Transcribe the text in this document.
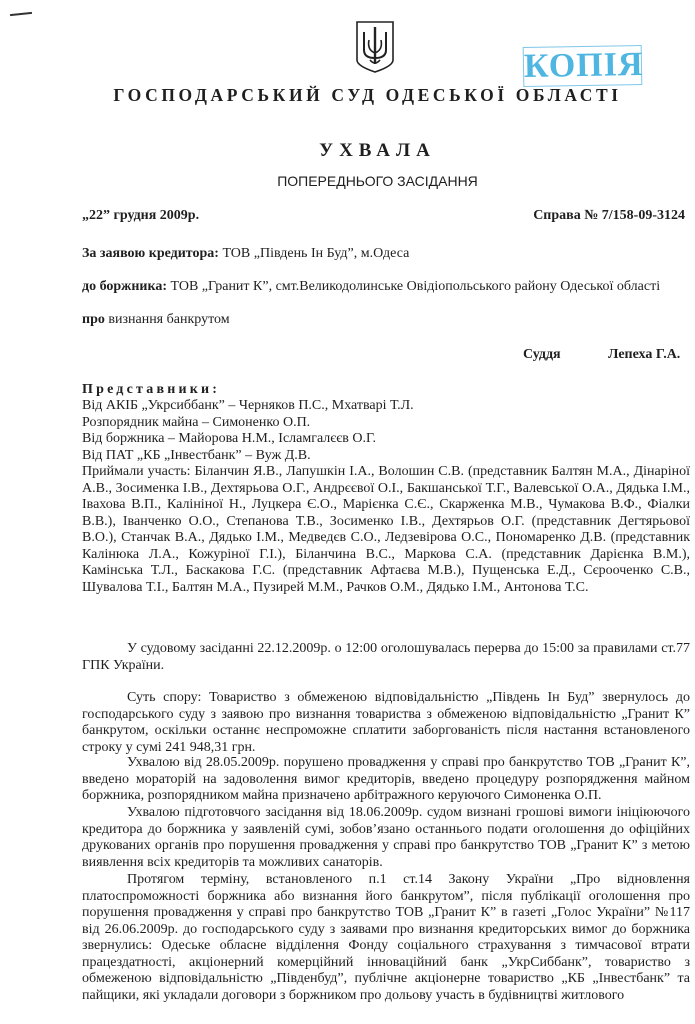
КОПІЯ
ГОСПОДАРСЬКИЙ СУД ОДЕСЬКОЇ ОБЛАСТІ
УХВАЛА
ПОПЕРЕДНЬОГО ЗАСІДАННЯ
„22” грудня 2009р.	Справа № 7/158-09-3124
За заявою кредитора: ТОВ „Південь Ін Буд”, м.Одеса
до боржника: ТОВ „Гранит К”, смт.Великодолинське Овідіопольського району Одеської області
про визнання банкрутом
Суддя	Лепеха Г.А.
Представники:
Від АКІБ „Укрсиббанк” – Черняков П.С., Мхатварі Т.Л.
Розпорядник майна – Симоненко О.П.
Від боржника – Майорова Н.М., Ісламгалєєв О.Г.
Від ПАТ „КБ „Інвестбанк” – Вуж Д.В.
Приймали участь: Біланчин Я.В., Лапушкін І.А., Волошин С.В. (представник Балтян М.А., Дінаріної А.В., Зосименка І.В., Дехтярьова О.Г., Андрєєвої О.І., Бакшанської Т.Г., Валевської О.А., Дядька І.М., Івахова В.П., Калініної Н., Луцкера Є.О., Марієнка С.Є., Скарженка М.В., Чумакова В.Ф., Фіалки В.В.), Іванченко О.О., Степанова Т.В., Зосименко І.В., Дехтярьов О.Г. (представник Дегтярьової В.О.), Станчак В.А., Дядько І.М., Медведєв С.О., Ледзевірова О.С., Пономаренко Д.В. (представник Калінюка Л.А., Кожуріної Г.І.), Біланчина В.С., Маркова С.А. (представник Дарієнка В.М.), Камінська Т.Л., Баскакова Г.С. (представник Афтаєва М.В.), Пущенська Е.Д., Сєрооченко С.В., Шувалова Т.І., Балтян М.А., Пузирей М.М., Рачков О.М., Дядько І.М., Антонова Т.С.
У судовому засіданні 22.12.2009р. о 12:00 оголошувалась перерва до 15:00 за правилами ст.77 ГПК України.
Суть спору: Товариство з обмеженою відповідальністю „Південь Ін Буд” звернулось до господарського суду з заявою про визнання товариства з обмеженою відповідальністю „Гранит К” банкрутом, оскільки останнє неспроможне сплатити заборгованість після настання встановленого строку у сумі 241 948,31 грн.
Ухвалою від 28.05.2009р. порушено провадження у справі про банкрутство ТОВ „Гранит К”, введено мораторій на задоволення вимог кредиторів, введено процедуру розпорядження майном боржника, розпорядником майна призначено арбітражного керуючого Симоненка О.П.
Ухвалою підготовчого засідання від 18.06.2009р. судом визнані грошові вимоги ініціюючого кредитора до боржника у заявленій сумі, зобов’язано останнього подати оголошення до офіційних друкованих органів про порушення провадження у справі про банкрутство ТОВ „Гранит К” з метою виявлення всіх кредиторів та можливих санаторів.
Протягом терміну, встановленого п.1 ст.14 Закону України „Про відновлення платоспроможності боржника або визнання його банкрутом”, після публікації оголошення про порушення провадження у справі про банкрутство ТОВ „Гранит К” в газеті „Голос України” №117 від 26.06.2009р. до господарського суду з заявами про визнання кредиторських вимог до боржника звернулись: Одеське обласне відділення Фонду соціального страхування з тимчасової втрати працездатності, акціонерний комерційний інноваційний банк „УкрСиббанк”, товариство з обмеженою відповідальністю „Південбуд”, публічне акціонерне товариство „КБ „Інвестбанк” та пайщики, які укладали договори з боржником про дольову участь в будівництві житлового
